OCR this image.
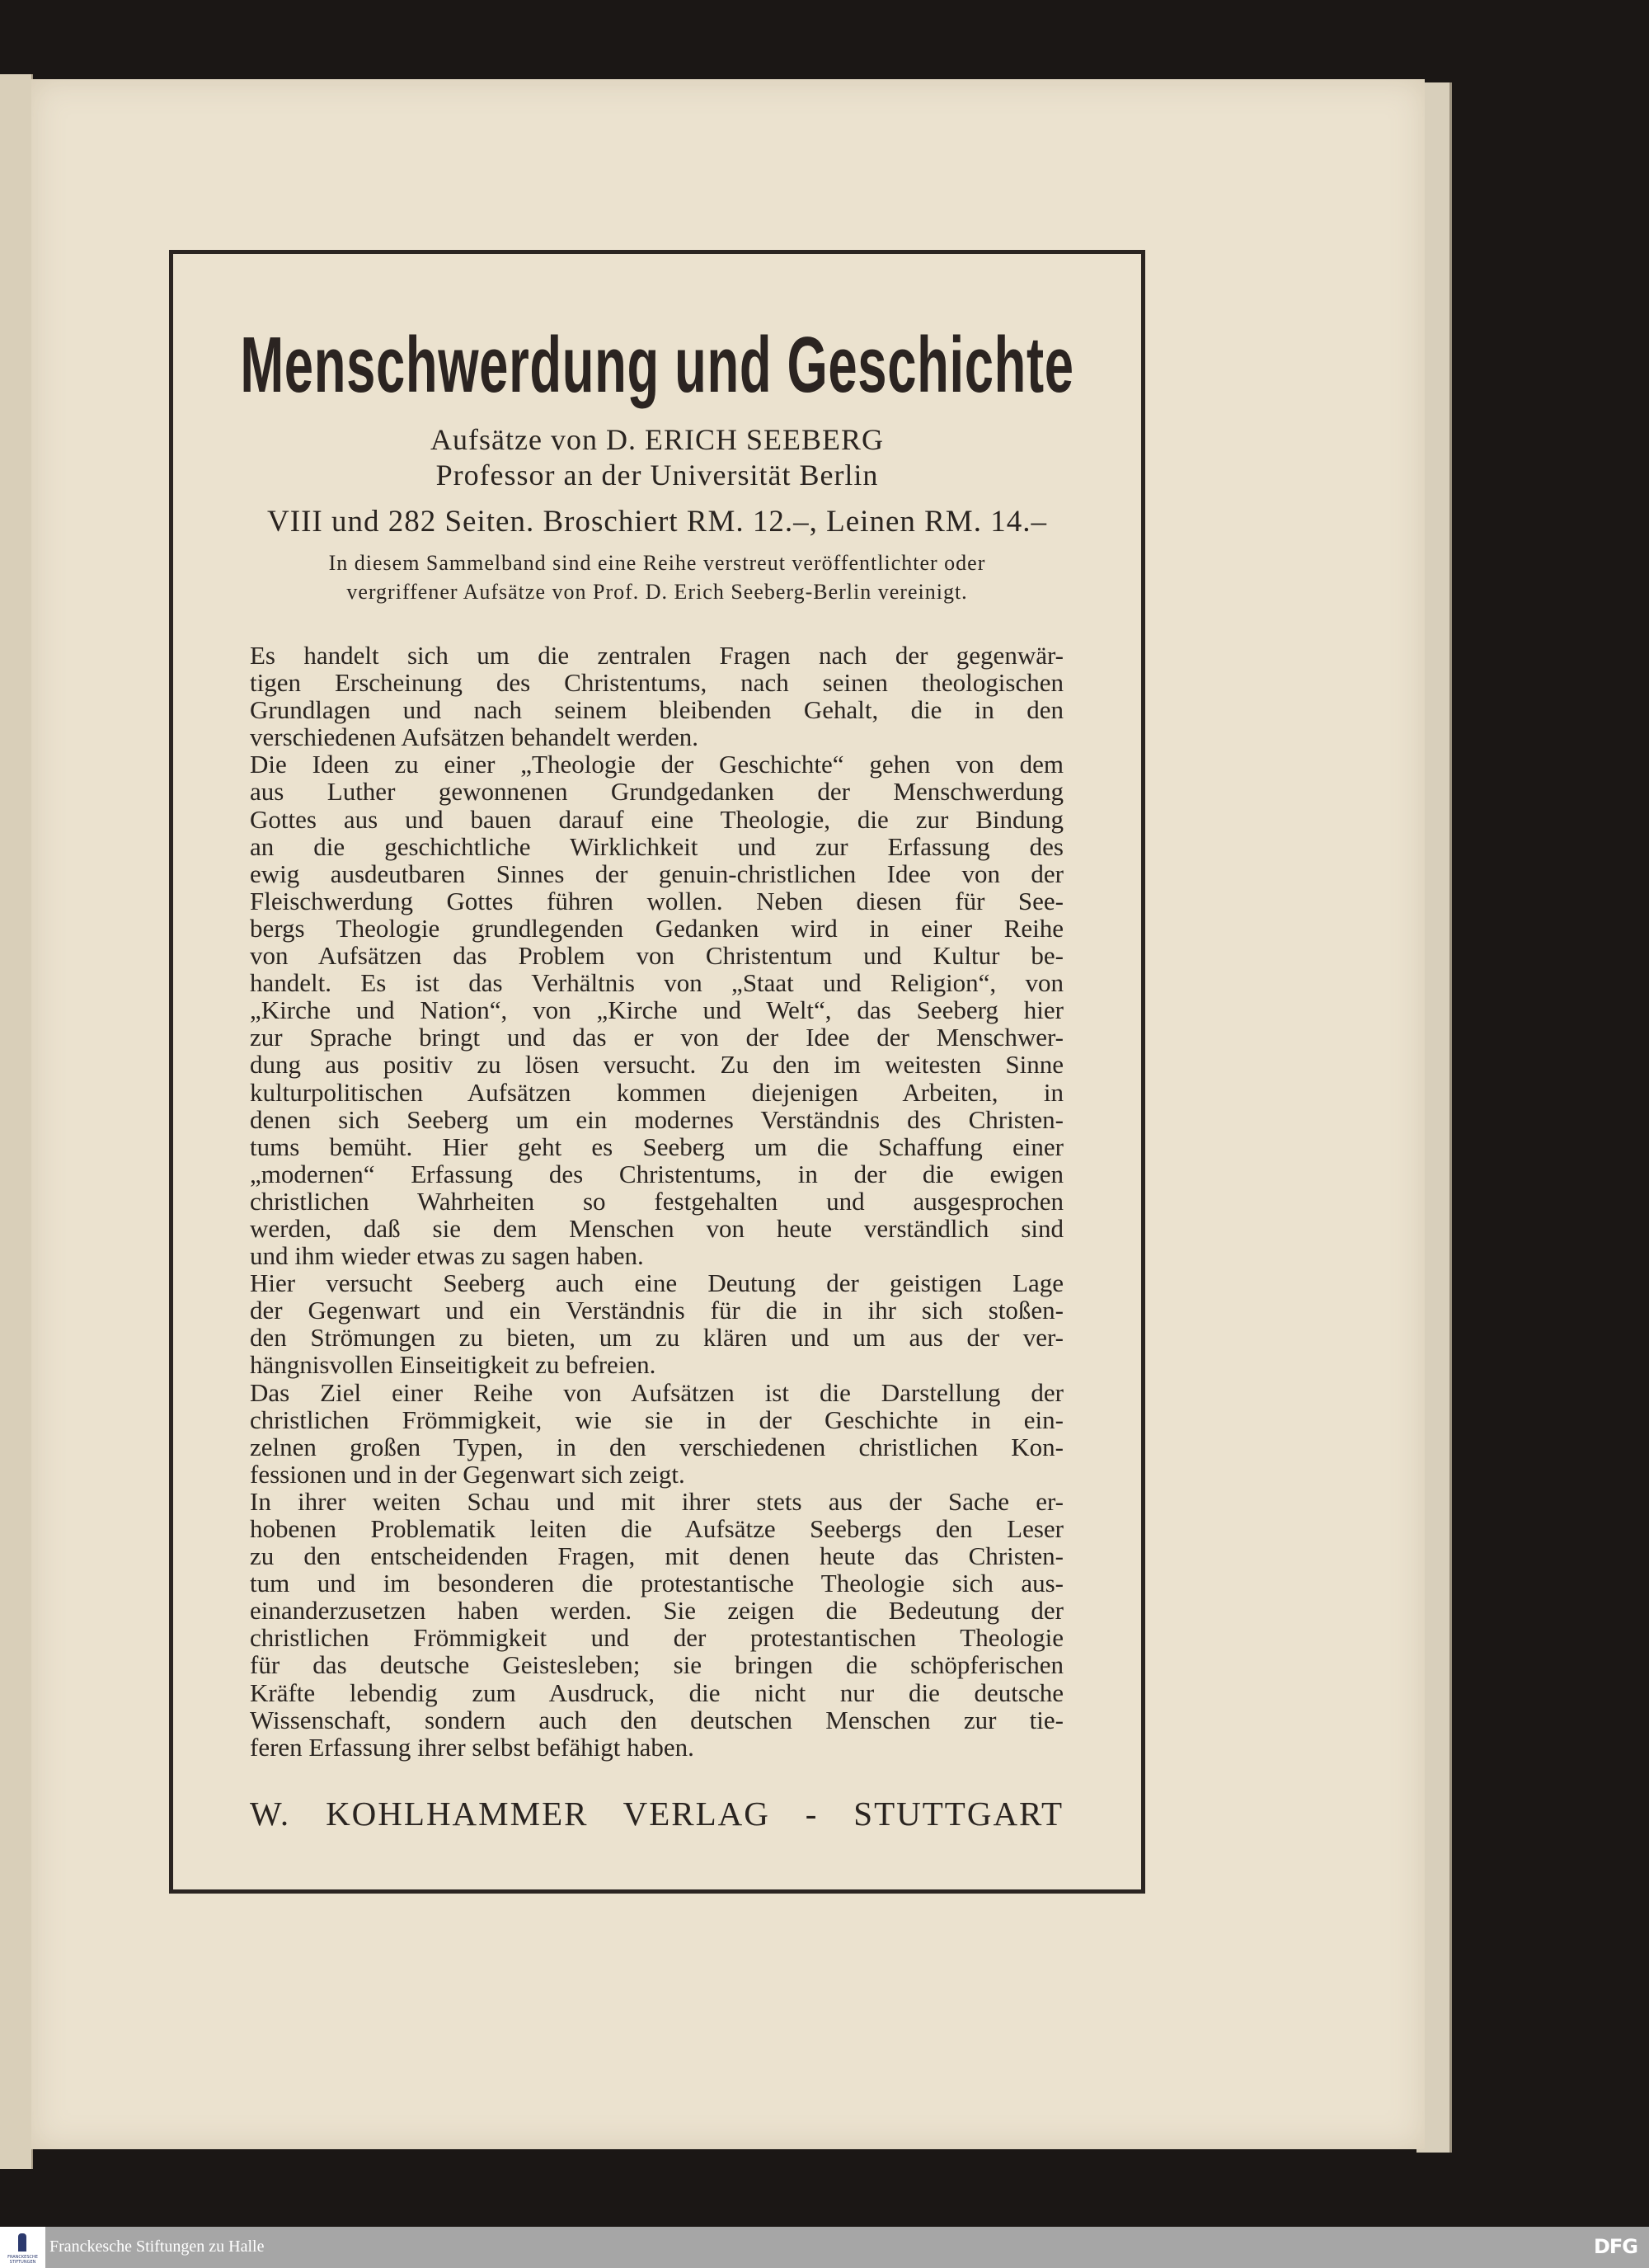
Menschwerdung und Geschichte
Aufsätze von D. ERICH SEEBERG
Professor an der Universität Berlin
VIII und 282 Seiten. Broschiert RM. 12.–, Leinen RM. 14.–
In diesem Sammelband sind eine Reihe verstreut veröffentlichter oder
vergriffener Aufsätze von Prof. D. Erich Seeberg-Berlin vereinigt.
Es handelt sich um die zentralen Fragen nach der gegenwär-
tigen Erscheinung des Christentums, nach seinen theologischen
Grundlagen und nach seinem bleibenden Gehalt, die in den
verschiedenen Aufsätzen behandelt werden.
Die Ideen zu einer „Theologie der Geschichte“ gehen von dem
aus Luther gewonnenen Grundgedanken der Menschwerdung
Gottes aus und bauen darauf eine Theologie, die zur Bindung
an die geschichtliche Wirklichkeit und zur Erfassung des
ewig ausdeutbaren Sinnes der genuin-christlichen Idee von der
Fleischwerdung Gottes führen wollen. Neben diesen für See-
bergs Theologie grundlegenden Gedanken wird in einer Reihe
von Aufsätzen das Problem von Christentum und Kultur be-
handelt. Es ist das Verhältnis von „Staat und Religion“, von
„Kirche und Nation“, von „Kirche und Welt“, das Seeberg hier
zur Sprache bringt und das er von der Idee der Menschwer-
dung aus positiv zu lösen versucht. Zu den im weitesten Sinne
kulturpolitischen Aufsätzen kommen diejenigen Arbeiten, in
denen sich Seeberg um ein modernes Verständnis des Christen-
tums bemüht. Hier geht es Seeberg um die Schaffung einer
„modernen“ Erfassung des Christentums, in der die ewigen
christlichen Wahrheiten so festgehalten und ausgesprochen
werden, daß sie dem Menschen von heute verständlich sind
und ihm wieder etwas zu sagen haben.
Hier versucht Seeberg auch eine Deutung der geistigen Lage
der Gegenwart und ein Verständnis für die in ihr sich stoßen-
den Strömungen zu bieten, um zu klären und um aus der ver-
hängnisvollen Einseitigkeit zu befreien.
Das Ziel einer Reihe von Aufsätzen ist die Darstellung der
christlichen Frömmigkeit, wie sie in der Geschichte in ein-
zelnen großen Typen, in den verschiedenen christlichen Kon-
fessionen und in der Gegenwart sich zeigt.
In ihrer weiten Schau und mit ihrer stets aus der Sache er-
hobenen Problematik leiten die Aufsätze Seebergs den Leser
zu den entscheidenden Fragen, mit denen heute das Christen-
tum und im besonderen die protestantische Theologie sich aus-
einanderzusetzen haben werden. Sie zeigen die Bedeutung der
christlichen Frömmigkeit und der protestantischen Theologie
für das deutsche Geistesleben; sie bringen die schöpferischen
Kräfte lebendig zum Ausdruck, die nicht nur die deutsche
Wissenschaft, sondern auch den deutschen Menschen zur tie-
feren Erfassung ihrer selbst befähigt haben.
W. KOHLHAMMER VERLAG - STUTTGART
FRANCKESCHE STIFTUNGEN
Franckesche Stiftungen zu Halle	DFG
